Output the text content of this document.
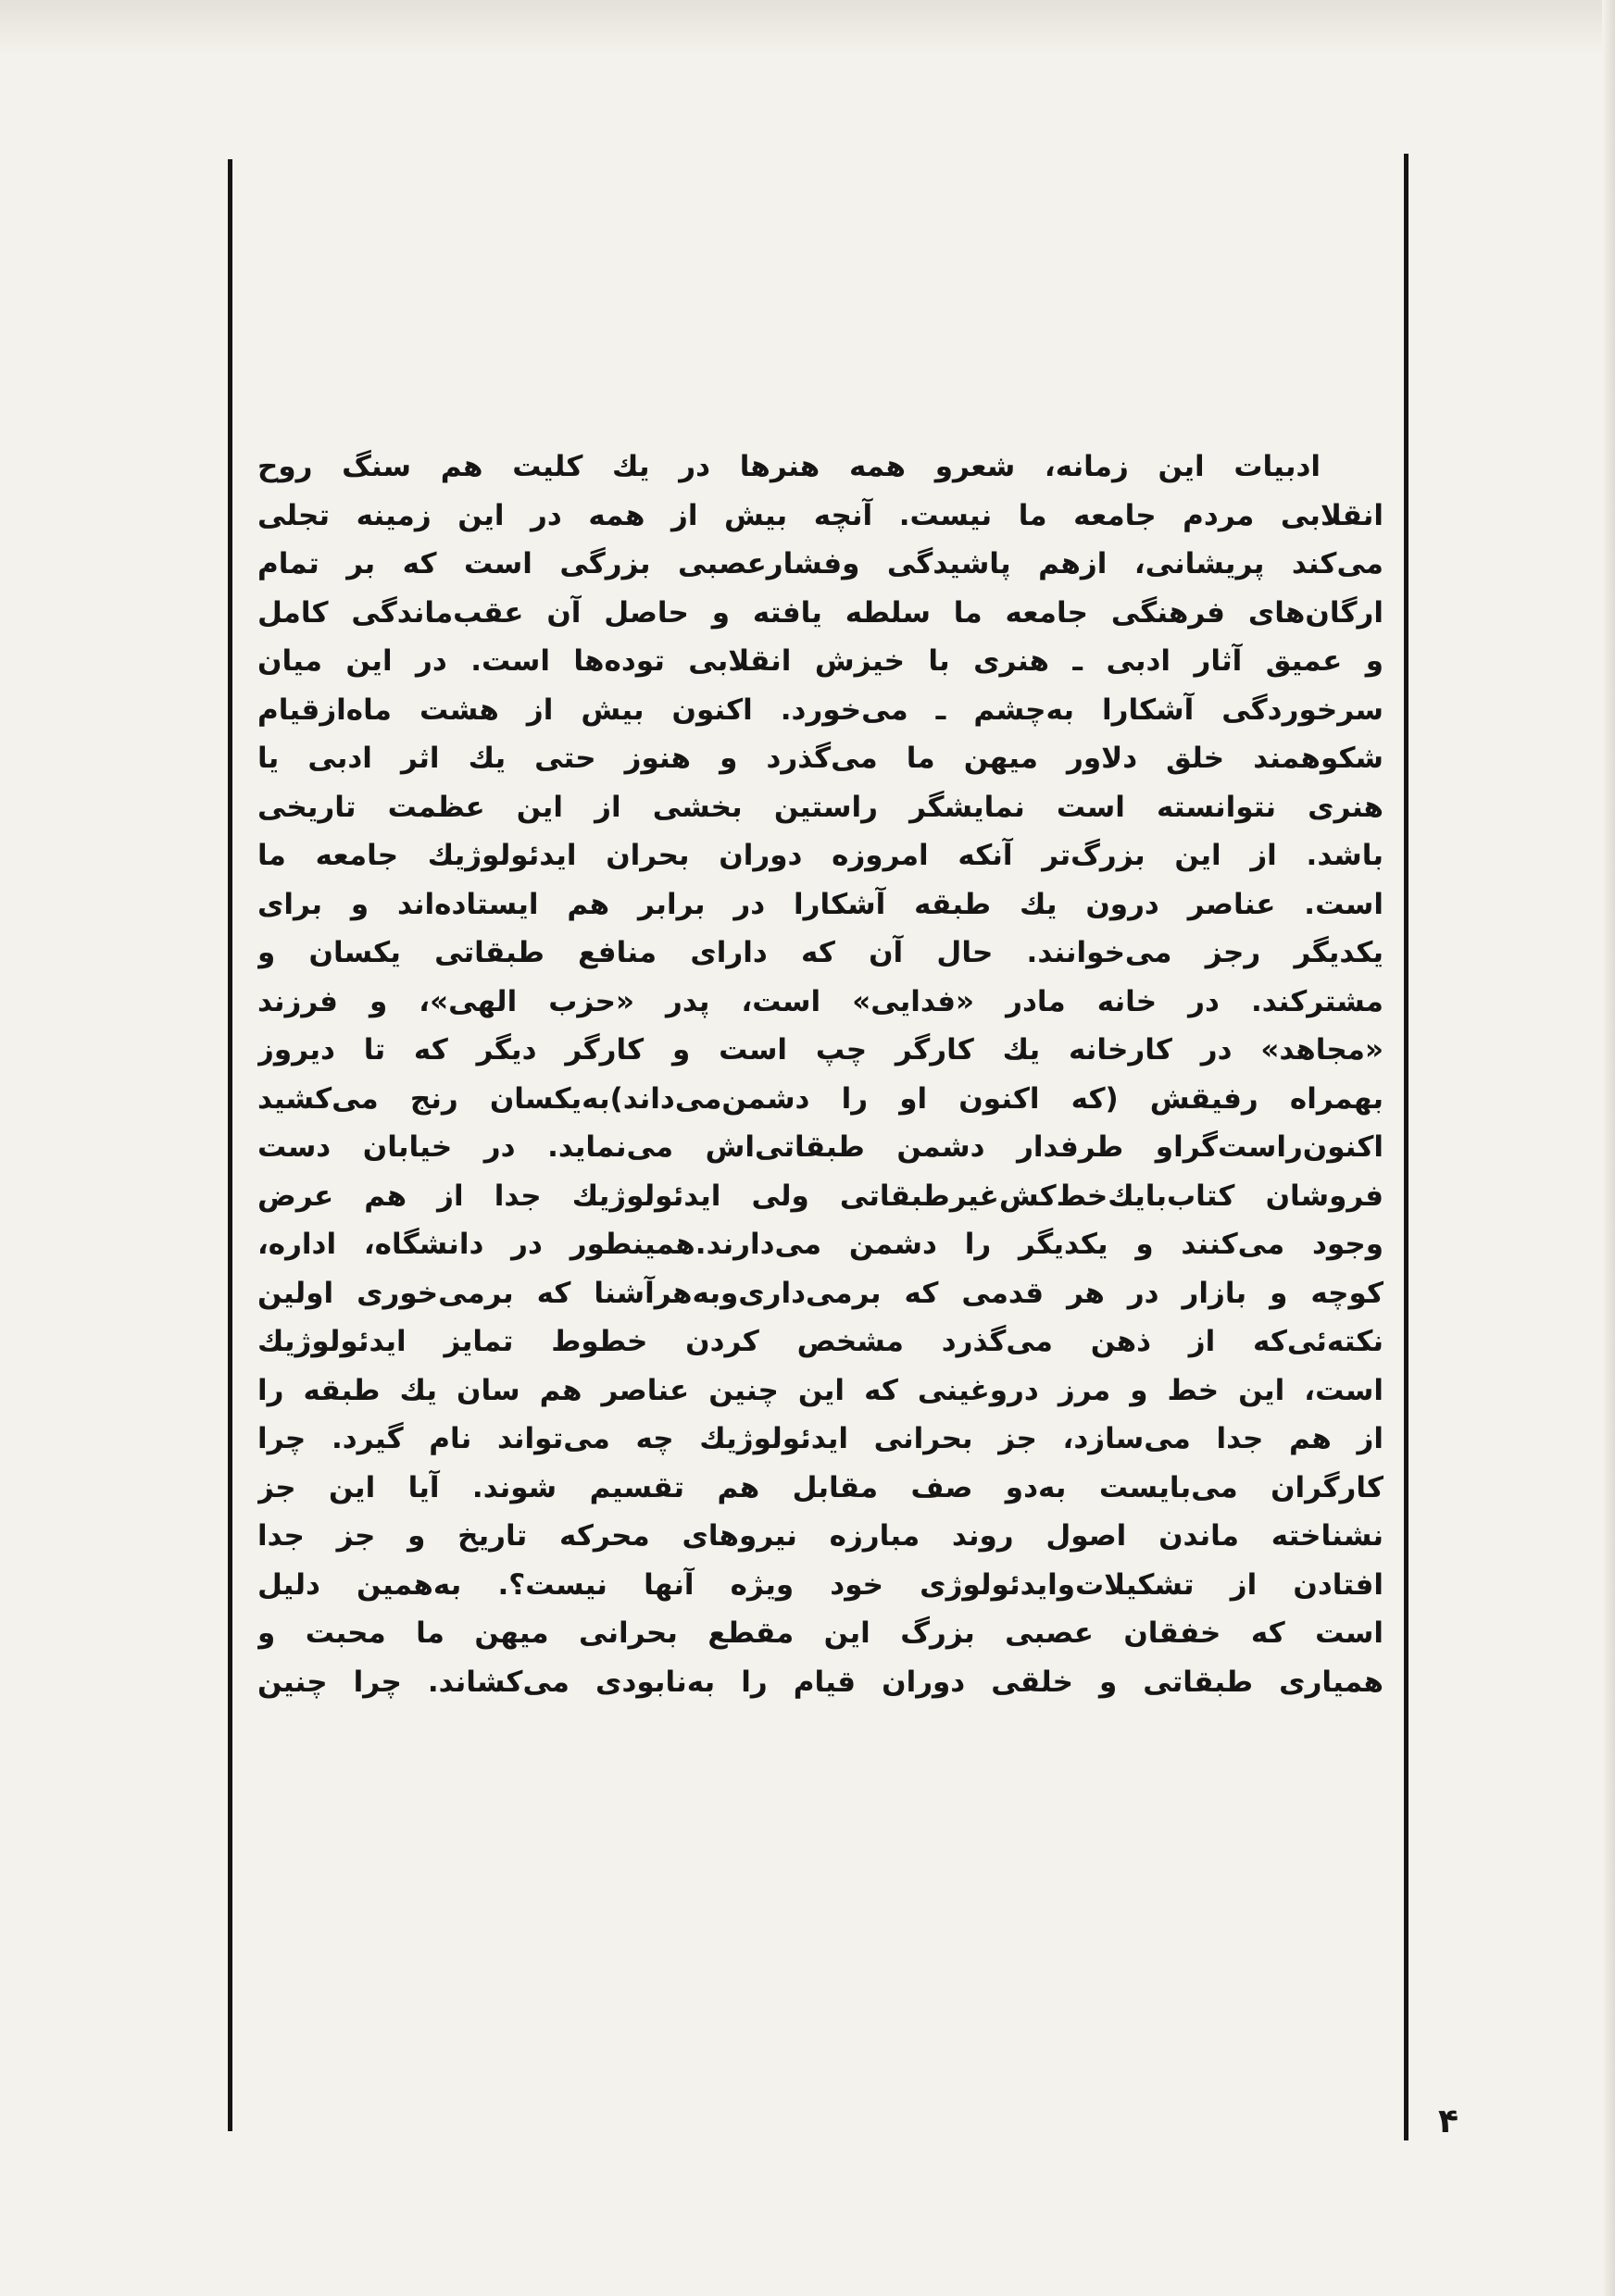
ادبیات این زمانه، شعرو همه هنرها در یك كلیت هم سنگ روح
انقلابی مردم جامعه ما نیست. آنچه بیش از همه در این زمینه تجلی
می‌كند پریشانی، ازهم پاشیدگی وفشارعصبی بزرگی است كه بر تمام
ارگان‌های فرهنگی جامعه ما سلطه یافته و حاصل آن عقب‌ماندگی كامل
و عمیق آثار ادبی ـ هنری با خیزش انقلابی توده‌ها است. در این میان
سرخوردگی آشكارا به‌چشم ـ می‌خورد. اكنون بیش از هشت ماه‌ازقیام
شكوهمند خلق دلاور میهن ما می‌گذرد و هنوز حتی یك اثر ادبی یا
هنری نتوانسته است نمایشگر راستین بخشی از این عظمت تاریخی
باشد. از این بزرگ‌تر آنكه امروزه دوران بحران ایدئولوژیك جامعه ما
است. عناصر درون یك طبقه آشكارا در برابر هم ایستاده‌اند و برای
یكدیگر رجز می‌خوانند. حال آن كه دارای منافع طبقاتی یكسان و
مشتركند. در خانه مادر «فدایی» است، پدر «حزب الهی»، و فرزند
«مجاهد» در كارخانه یك كارگر چپ است و كارگر دیگر كه تا دیروز
بهمراه رفیقش (كه اكنون او را دشمن‌می‌داند)به‌یكسان رنج می‌كشید
اكنون‌راست‌گراو طرفدار دشمن طبقاتی‌اش می‌نماید. در خیابان دست
فروشان كتاب‌بایك‌خط‌كش‌غیرطبقاتی ولی ایدئولوژیك جدا از هم عرض
وجود می‌كنند و یكدیگر را دشمن می‌دارند.همینطور در دانشگاه، اداره،
كوچه و بازار در هر قدمی كه برمی‌داری‌وبه‌هرآشنا كه برمی‌خوری اولین
نكته‌ئی‌كه از ذهن می‌گذرد مشخص كردن خطوط تمایز ایدئولوژیك
است، این خط و مرز دروغینی كه این چنین عناصر هم سان یك طبقه را
از هم جدا می‌سازد، جز بحرانی ایدئولوژیك چه می‌تواند نام گیرد. چرا
كارگران می‌بایست به‌دو صف مقابل هم تقسیم شوند. آیا این جز
نشناخته ماندن اصول روند مبارزه نیروهای محركه تاریخ و جز جدا
افتادن از تشكیلات‌وایدئولوژی خود ویژه آنها نیست؟. به‌همین دلیل
است كه خفقان عصبی بزرگ این مقطع بحرانی میهن ما محبت و
همیاری طبقاتی و خلقی دوران قیام را به‌نابودی می‌كشاند. چرا چنین
۴
